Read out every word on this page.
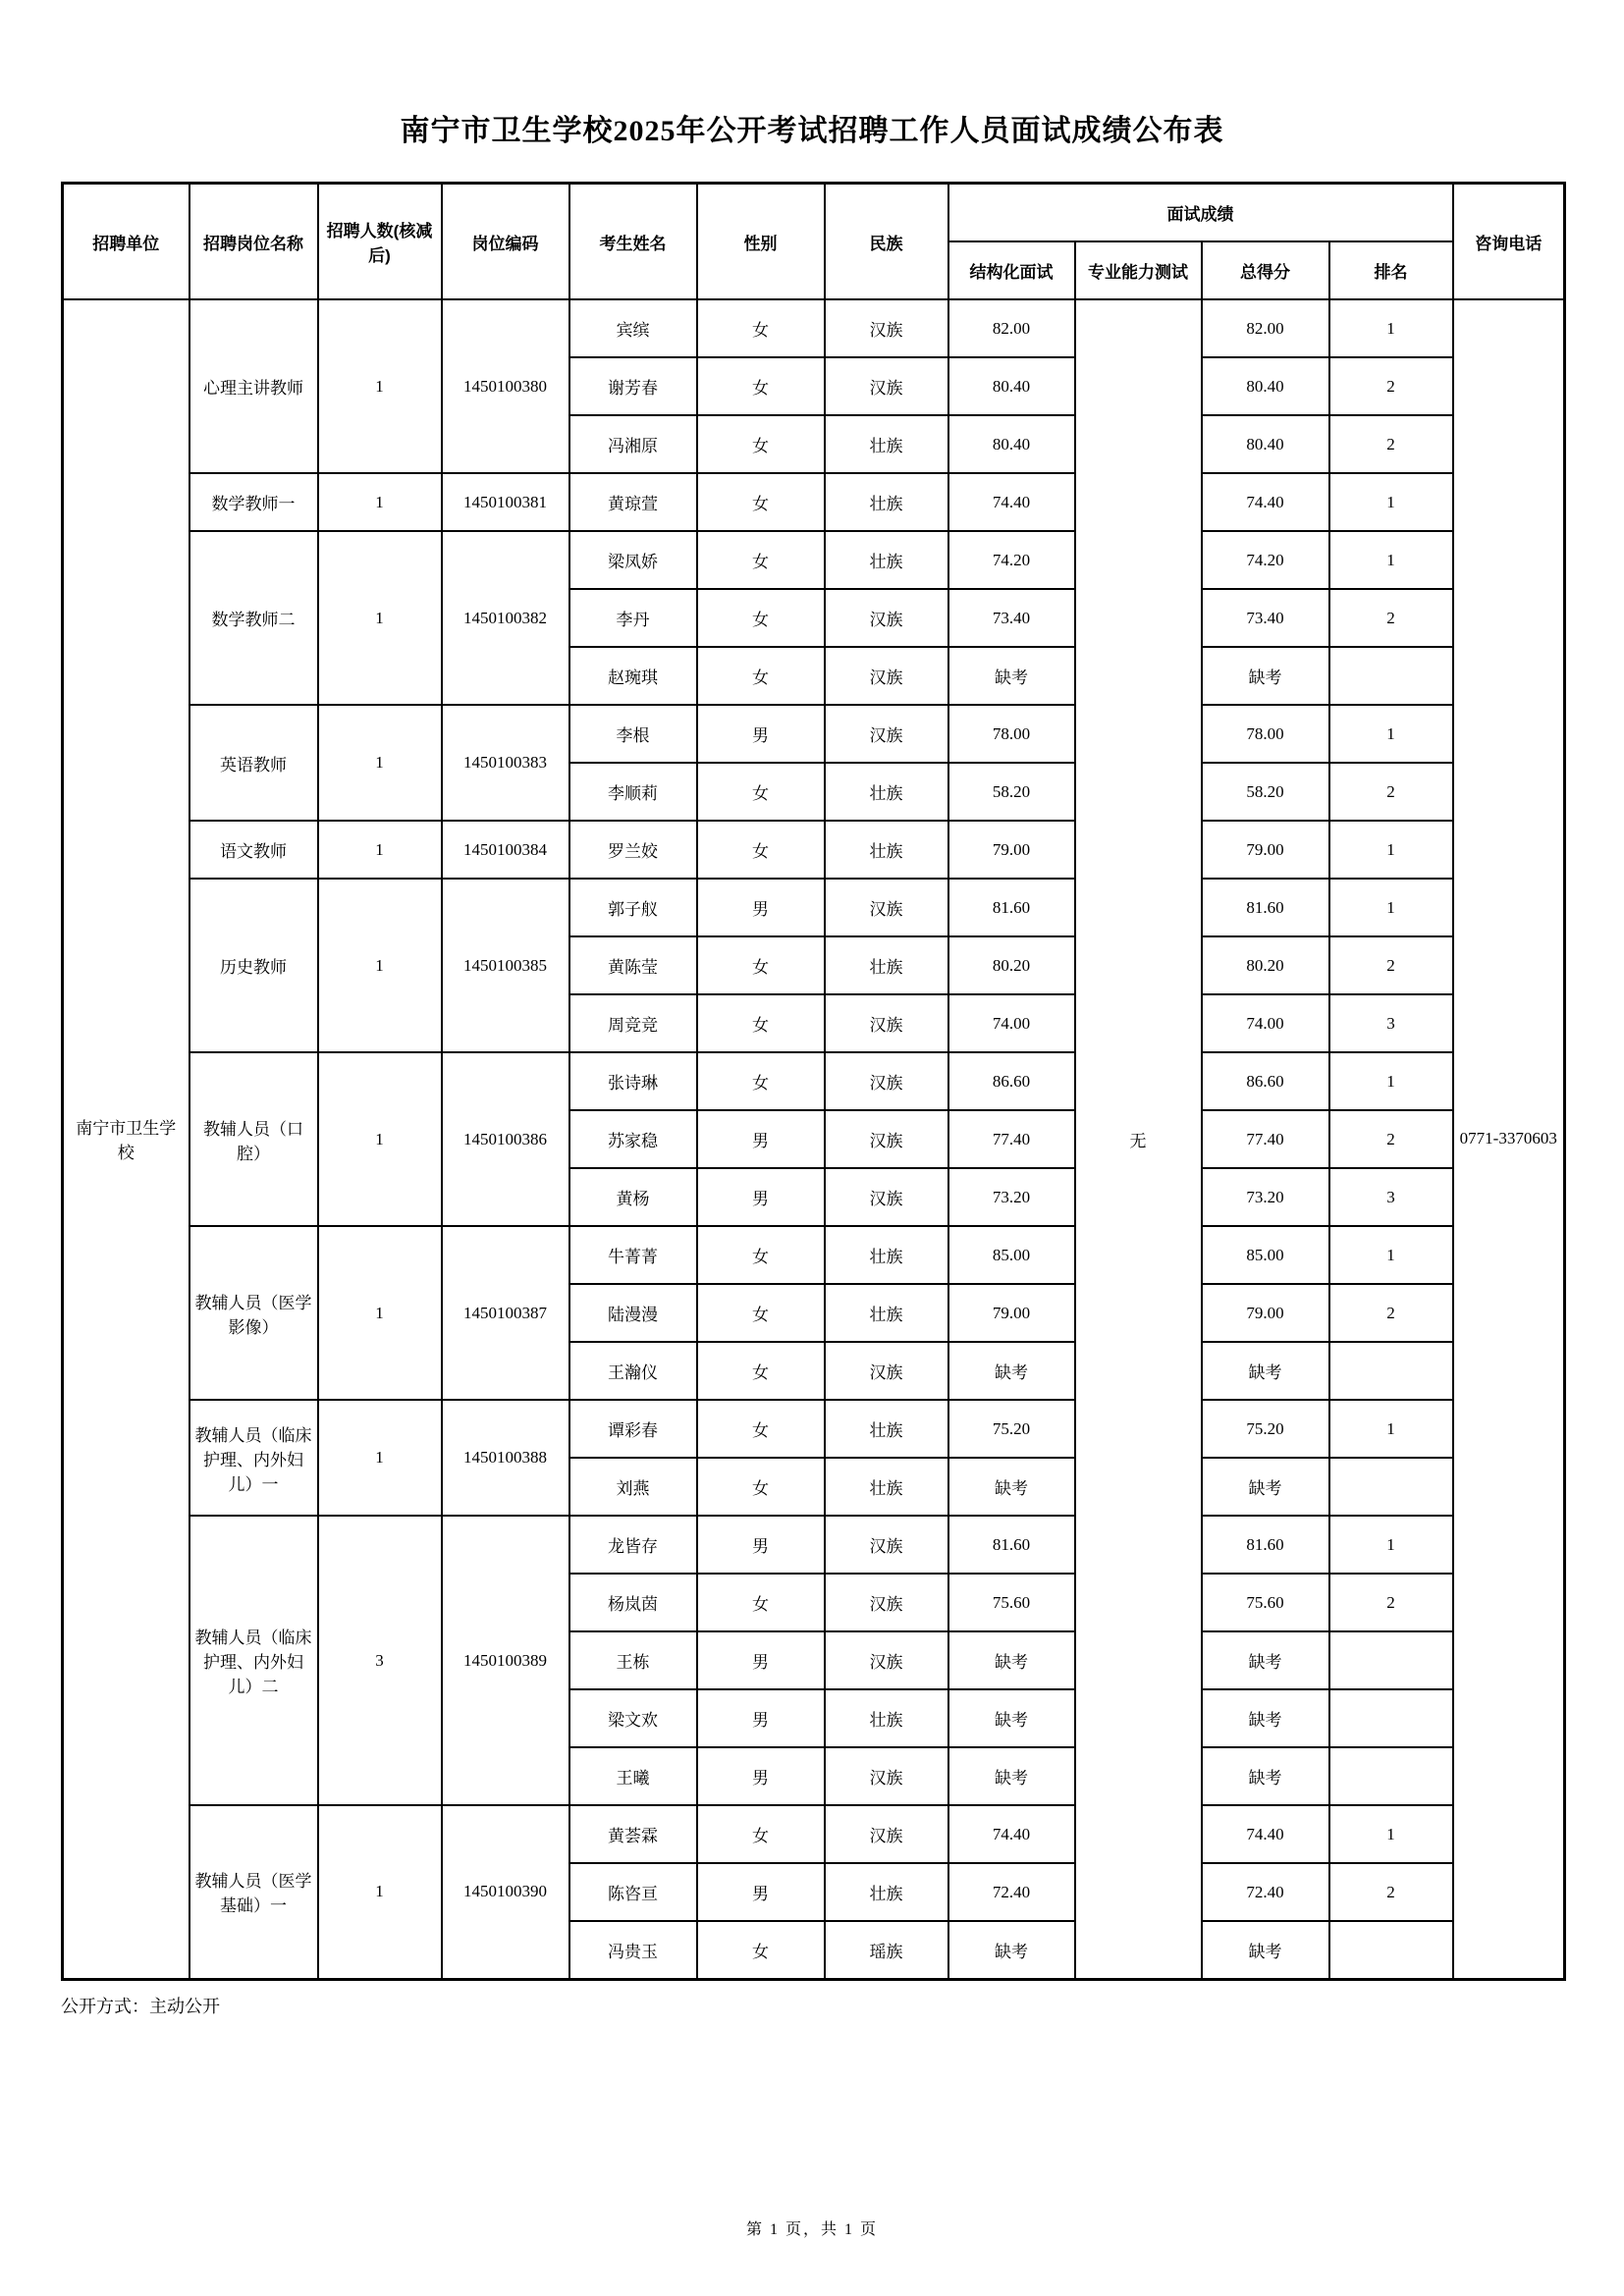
南宁市卫生学校2025年公开考试招聘工作人员面试成绩公布表
招聘单位	招聘岗位名称	招聘人数(核减后)	岗位编码	考生姓名	性别	民族	面试成绩				咨询电话
							结构化面试	专业能力测试	总得分	排名	
南宁市卫生学校	心理主讲教师	1	1450100380	宾缤	女	汉族	82.00	无	82.00	1	0771-3370603
				谢芳春	女	汉族	80.40		80.40	2	
				冯湘原	女	壮族	80.40		80.40	2	
	数学教师一	1	1450100381	黄琼萱	女	壮族	74.40		74.40	1	
	数学教师二	1	1450100382	梁凤娇	女	壮族	74.20		74.20	1	
				李丹	女	汉族	73.40		73.40	2	
				赵琬琪	女	汉族	缺考		缺考		
	英语教师	1	1450100383	李根	男	汉族	78.00		78.00	1	
				李顺莉	女	壮族	58.20		58.20	2	
	语文教师	1	1450100384	罗兰姣	女	壮族	79.00		79.00	1	
	历史教师	1	1450100385	郭子舣	男	汉族	81.60		81.60	1	
				黄陈莹	女	壮族	80.20		80.20	2	
				周竞竞	女	汉族	74.00		74.00	3	
	教辅人员（口腔）	1	1450100386	张诗琳	女	汉族	86.60		86.60	1	
				苏家稳	男	汉族	77.40		77.40	2	
				黄杨	男	汉族	73.20		73.20	3	
	教辅人员（医学影像）	1	1450100387	牛菁菁	女	壮族	85.00		85.00	1	
				陆漫漫	女	壮族	79.00		79.00	2	
				王瀚仪	女	汉族	缺考		缺考		
	教辅人员（临床护理、内外妇儿）一	1	1450100388	谭彩春	女	壮族	75.20		75.20	1	
				刘燕	女	壮族	缺考		缺考		
	教辅人员（临床护理、内外妇儿）二	3	1450100389	龙皆存	男	汉族	81.60		81.60	1	
				杨岚茵	女	汉族	75.60		75.60	2	
				王栋	男	汉族	缺考		缺考		
				梁文欢	男	壮族	缺考		缺考		
				王曦	男	汉族	缺考		缺考		
	教辅人员（医学基础）一	1	1450100390	黄荟霖	女	汉族	74.40		74.40	1	
				陈咨亘	男	壮族	72.40		72.40	2	
				冯贵玉	女	瑶族	缺考		缺考		
公开方式：主动公开
第 1 页，共 1 页
